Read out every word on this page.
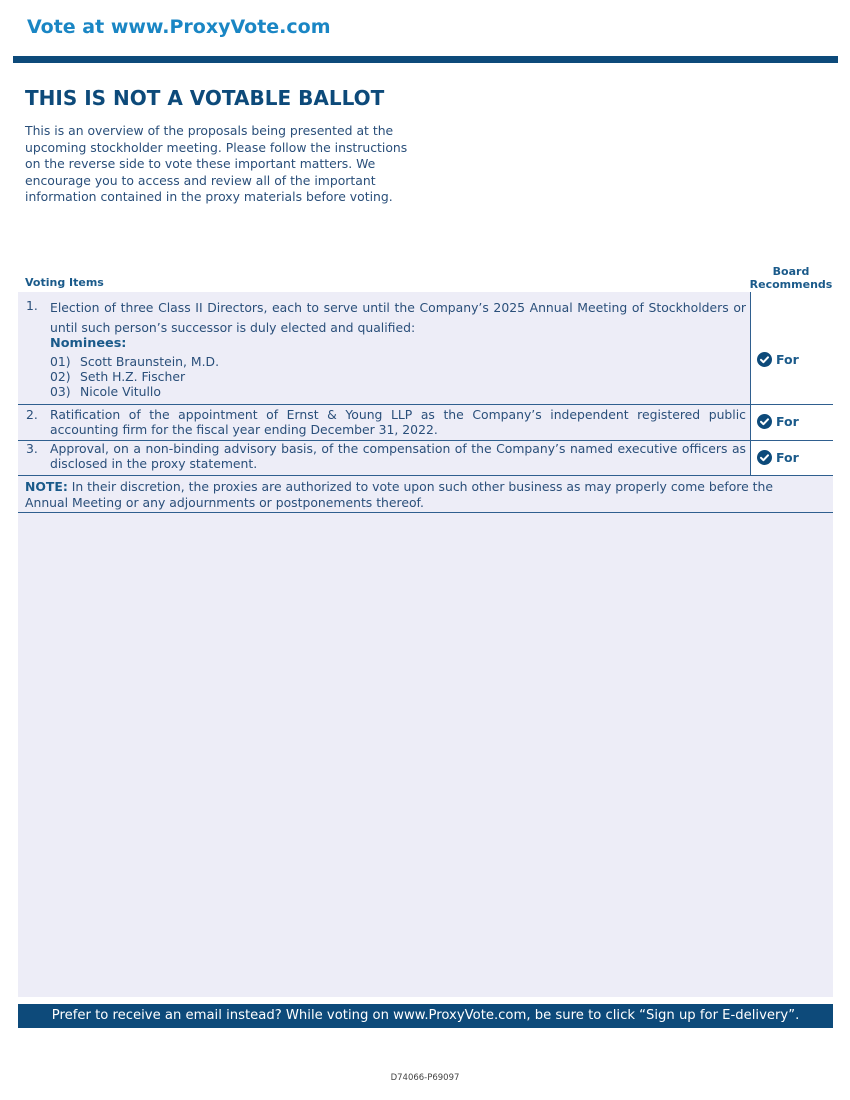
Vote at www.ProxyVote.com
THIS IS NOT A VOTABLE BALLOT
This is an overview of the proposals being presented at the upcoming stockholder meeting. Please follow the instructions on the reverse side to vote these important matters. We encourage you to access and review all of the important information contained in the proxy materials before voting.
Voting Items
Board
Recommends
1. Election of three Class II Directors, each to serve until the Company’s 2025 Annual Meeting of Stockholders or until such person’s successor is duly elected and qualified:
Nominees:
01) Scott Braunstein, M.D.
02) Seth H.Z. Fischer
03) Nicole Vitullo
For
2. Ratification of the appointment of Ernst & Young LLP as the Company’s independent registered public accounting firm for the fiscal year ending December 31, 2022.
For
3. Approval, on a non-binding advisory basis, of the compensation of the Company’s named executive officers as disclosed in the proxy statement.	For
NOTE: In their discretion, the proxies are authorized to vote upon such other business as may properly come before the Annual Meeting or any adjournments or postponements thereof.
Prefer to receive an email instead? While voting on www.ProxyVote.com, be sure to click “Sign up for E-delivery”.
D74066-P69097
